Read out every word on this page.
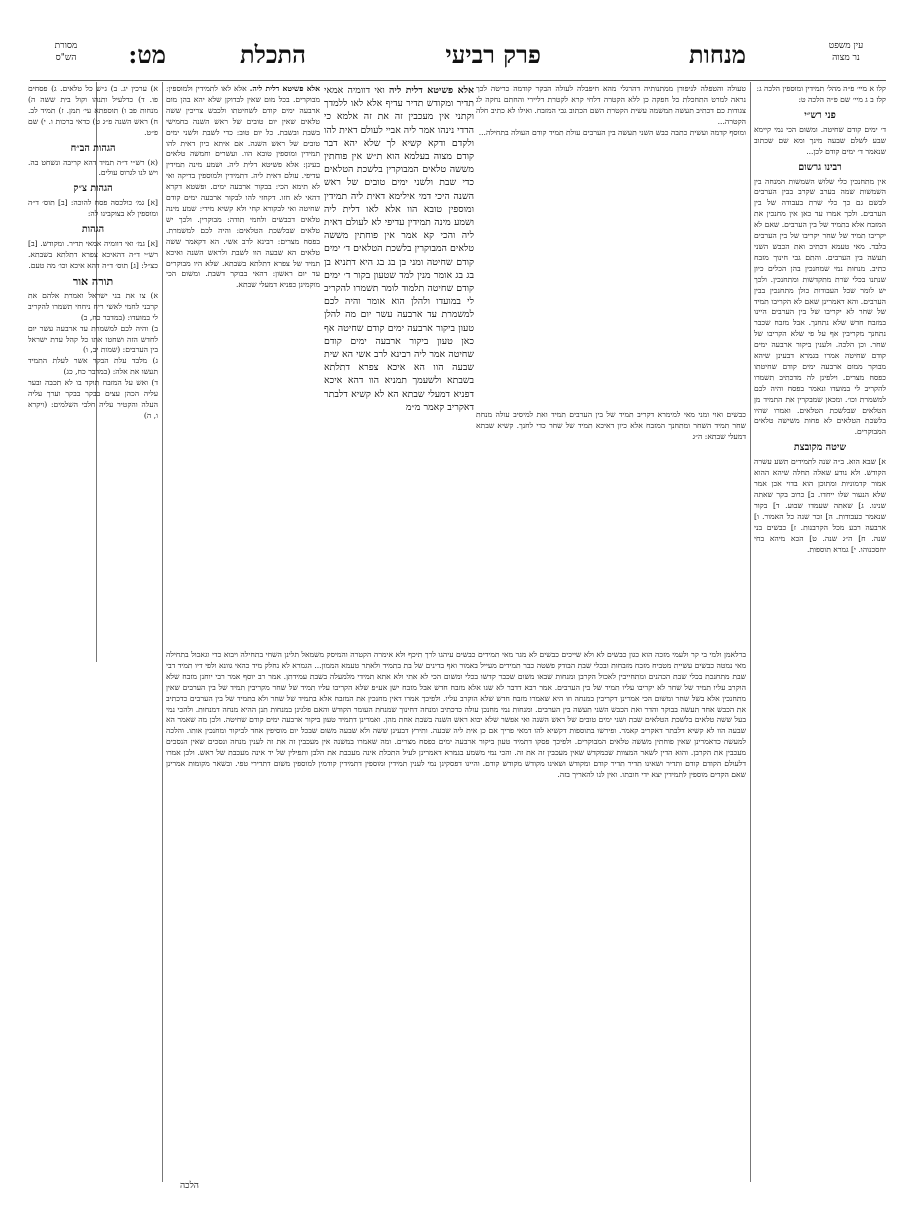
מסורת
הש"ס	מט:	התכלת	פרק רביעי	מנחות	עין משפט
נר מצוה

קלו א מיי׳ פ״ה מהל׳ תמידין ומוספין הלכה ג:
קלז ב ג מיי׳ שם פ״ה הלכה ט:

פני רש״י

ד׳ ימים קודם שחיטה. ומשום הכי נמי קיימא שבע לשלם שבעה מינך ומא שם שכתוב שנאמר ד׳ ימים קודם לכן...

רבינו גרשום

אין מתחנכין כלי שלוש השמשות המנחה בין השמשות שמה בערב שקרב בבין הערבים לבשם גם כך כלי שרת בעבודה של בין הערבים. ולכך אמרו עד כאן אין מחנכין את המזבח אלא בתמיד של בין הערבים. שאם לא יקריבו תמיד של שחר יקריבו של בין הערבים בלבד. מאי טעמא דכתיב ואת הכבש השני תעשה בין הערבים. והתם גבי חינוך מזבח כתיב. מנחות נמי שמחנכין בהן הכלים כיון שנתנו בכלי שרת מתקדשות ומתחנכין. ולכך יש לומר שכל העבודות כולן מתחנכין בבין הערבים. והא דאמרינן שאם לא הקריבו תמיד של שחר לא יקריבו של בין הערבים היינו במזבח חדש שלא נתחנך. אבל מזבח שכבר נתחנך מקריבין אף על פי שלא הקריבו של שחר. וכן הלכה. ולענין ביקור ארבעה ימים קודם שחיטה אמרו בגמרא דבעינן שיהא מבוקר ממום ארבעה ימים קודם שחיטתו כפסח מצרים. וילפינן לה מדכתיב תשמרו להקריב לי במועדו ונאמר בפסח והיה לכם למשמרת וכו׳. ומכאן שמבקרין את התמיד מן הטלאים שבלשכת הטלאים. ואמרו שהיו בלשכת הטלאים לא פחות משישה טלאים המבוקרים.

שיטה מקובצת

א] שבא הוא. ב״ה שנה לתמידים תשע עשרה הקודש. ולא נודע שאלה תחלה שיהא ההוא אמור קדמוניות ומתוכן הוא בדוי אכן אמר שלא הנעור שלו ייחדו. ב] כרוב בקר שאתה שנינו. ג] שאתה שעמדו שבוע. ד] בקור שנאמר כעבודות. ה] זכר שנה כל האמור. ו] ארבעה רבע מכל הקרבנות. ז] כבשים בני שנה. ח] ה״ג שנה. ט] הכא מיהא בחי יחסכנוהו. י] גמרא תוספות.

טעולה והטפלה לניפורן ממתנותיה דהרגלי מהא חיפבלה לעולה הבקר קודמה כריטה לכך נראה למרט התחכלת כל חפקה כן ללא הקטרה דלחי קרא לקטרת דליירי והחתם נחקה לג צגודות כם דכתיב תעשה תמשמה עשית הקטרת השם הכתוב גבי המזבח. ואילו לא כתיב חלה הקטרה...
ומוסף קדמה ועשית כתבה כבש השני תעשה בין הערבים עולת תמיד קודם העולה בתחילה...

אלא פשיטא דלית ליה ואי דוומיה אמאי תדיר ומקודש תדיר עדיף אלא לאו ללמדך וקתני אין מעכבין זה את זה אלמא כי הדדי נינהו אמר ליה אביי לעולם דאית להו ולקדם ודקא קשיא לך שלא יהא דבר קודם מצוה בעלמא הוא ת״ש אין פוחתין מששה טלאים המבוקרין בלשכת הטלאים כדי שבת ולשני ימים טובים של ראש השנה היכי דמי אילימא דאית ליה תמידין ומוספין טובא הוו אלא לאו דלית ליה ושמע מינה תמידין עדיפי לא לעולם דאית ליה והכי קא אמר אין פוחתין מששה טלאים המבוקרין בלשכת הטלאים ד׳ ימים קודם שחיטה ומני בן בג בג היא דתניא בן בג בג אומר מנין למד שטעון בקור ד׳ ימים קודם שחיטה תלמוד לומר תשמרו להקריב לי במועדו ולהלן הוא אומר והיה לכם למשמרת עד ארבעה עשר יום מה להלן טעון ביקור ארבעה ימים קודם שחיטה אף כאן טעון ביקור ארבעה ימים קודם שחיטה אמר ליה רבינא לרב אשי הא שית שבעה הוו הא איכא צפרא דתלתא בשבתא ולשעמך תמניא הוו דהא איכא דפניא דמעלי שבתא הא לא קשיא דלבתר דאקריב קאמר מ״מ

אלא פשיטא דלית ליה. אלא לאו לתמידין ולמוספין: מבוקרים. בכל מום שאין לבדוקן שלא יהא בהן מום ארבעה ימים קודם לשחיטתו ולכבש צריכין ששה טלאים שאין יום טובים של ראש השנה בחמישי בשבת ובשבת. כל יום טוב: כדי לשבת ולשני ימים טובים של ראש השנה. אם איתא כיון דאית להו תמידין ומוספין טובא הוו. ועשרים וחמשה טלאים בעינן: אלא פשיטא דלית ליה. ושמע מינה תמידין עדיפי. עולם דאית ליה. דתמידין ולמוספין בדיקה ואי לא תימא הכי: בבקור ארבעה ימים. ופשטא דקרא דהאי לא חזו. דקחזי להו לבקור ארבעה ימים קודם שחיטה ואי לבקורא קחי ולא קשיא מידי: שמע מינה טלאים דכבשים ולחמי תודה: מבוקרין. ולכך יש טלאים שבלשכת הטלאים: והיה לכם למשמרת. בפסח מצרים: רבינא לרב אשי. הא דקאמר ששה טלאים הא שבעה הוו לשבת ולראש השנה ואיכא תמיד של צפרא דתלתא בשבתא. שלא היו מבוקרים עד יום ראשון: דהאי בבוקר דשבת. ומשום הכי מוקמינן כפניא דמעלי שבתא.

כבשים ואוי ומני מאי למימרא דקריב תמיד של בין הערבים תמיד ואת למיסיב עולה מנחת שחר תמיד השחר ומתחנך המזבח אלא כיון דאיכא תמיד של שחר כדי לחנך. קשיא שבתא דמעלי שבתא: ה״ג

ברלאמן ולמי בי קר ולעמי מזכה הוא כגון כבשים לא ולא שייכים כבשים לא מגר מאי תמידים כבשים עיהגו לרך תיכף ולא אימרה הקטרה והמיסק משמאל תלינן השחי בתחילה ויבוא כדי וגאכול בתחילה מאי נמטה כבשים עשיית מטביח מזבח מזבחות ובכלי שבת הבודק פשטה כבר תמידים מעייל באמור ואף בדינים של בת בתמיד ולאתר טעמא הממון... הגמרא לא נחלק מיד כהאי גוונא ולפי דיו תמיד דבי שבת מתחנכת בכלי שבת הכהנים ומתחייבין לאכול הקרבן ומנחות שבאו משום שכבר קדשו בכלי ומשום הכי לא אתי ולא אתא תמידי מלמעלה בשבת עמידתן. אמר רב יוסף אמר רבי יוחנן מזבח שלא הוקרב עליו תמיד של שחר לא יקריבו עליו תמיד של בין הערבים. אמר רבא דדבר לא שנו אלא מזבח חדש אבל מזבח ישן אע״פ שלא הקריבו עליו תמיד של שחר מקריבין תמיד של בין הערבים שאין מתחנכין אלא בשל שחר ומשום הכי אמרינן דקריבין במנחה וזו היא שאמרו מזבח חדש שלא הוקרב עליו. ולפיכך אמרו דאין מחנכין את המזבח אלא בתמיד של שחר ולא בתמיד של בין הערבים כדכתיב את הכבש אחד תעשה בבוקר והדר ואת הכבש השני תעשה בין הערבים. ומנחות נמי מחנכן עולה כדכתיב ומנחה דחינוך שמנחת העומר הקודש והאם פלגינן במנחות תנן ההיא מנחה דמנחות. ולהכי נמי בעל ששה טלאים בלשכת הטלאים שבת ושני ימים טובים של ראש השנה ואי אפשר שלא יבוא ראש השנה בשבת אחת מהן. ואמרינן דתמיד טעון ביקור ארבעה ימים קודם שחיטה. ולכן מה שאמר הא שבעה הוו לא קשיא דלבתר דאקריב קאמר. ופירשו בתוספות דקשיא להו דמאי פריך אם כן אית ליה שבעה. ותירץ דבעינן ששה ולא שבעה משום שבכל יום מוסיפין אחד לביקור ומחנכין אותו. והלכה למעשה כדאמרינן שאין פוחתין מששה טלאים המבוקרים. ולפיכך פסקו דתמיד טעון ביקור ארבעה ימים כפסח מצרים. ומה שאמרו במשנה אין מעכבין זה את זה לענין מנחה ונסכים שאין הנסכים מעכבין את הקרבן. והוא הדין לשאר המצוות שבמקדש שאין מעכבין זה את זה. והכי נמי משמע בגמרא דאמרינן לעיל התכלת אינה מעכבת את הלבן ותפילין של יד אינה מעכבת של ראש. ולכן אמרו דלעולם הקודם קודם ותדיר ושאינו תדיר תדיר קודם ומקודש ושאינו מקודש מקודש קודם. והיינו דפסקינן נמי לענין תמידין ומוספין דתמידין קודמין למוספין משום דתדירי טפי. ובשאר מקומות אמרינן שאם הקדים מוספין לתמידין יצא ידי חובתו. ואין לנו להאריך בזה.

הלכה

א) ערכין יג. ב) ג״ש כל טלאים. ג) פסחים פו. ד) כדלעיל ותנהו וקול בית ששה ה) מנחות פב ו) תוספתא עי׳ תמן. ז) תמיד לב. ח) ראש השנה פ״ג ט) כדאי ברכות ו. י) שם פ״ט.

הגהות הב״ח

(א) רש״י ד״ה תמיד דהא קריבה ונשחט בה. ויש לנו לגרוס עולים.

הגהות צ״ק

[א] גמ׳ כולכסה פסח להוכה: [ב] תוס׳ ד״ה ומוספין לא בצוקבינו לה:

הגהות

[א] גמ׳ ואי דוומיה אמאי תדיר. ומקודש. [ב] רש״י ד״ה דהאיכא צפרא דתלתא בשבתא. כצ״ל: [ג] תוס׳ ד״ה דהא איכא וכו׳ מה טעם.

תורה אור

א) צו את בני ישראל ואמרת אלהם את קרבני לחמי לאשי ריח ניחחי תשמרו להקריב לי במועדו: (במדבר כח, ב)
ב) והיה לכם למשמרת עד ארבעה עשר יום לחדש הזה ושחטו אתו כל קהל עדת ישראל בין הערבים: (שמות יב, ו)
ג) מלבד עלת הבקר אשר לעלת התמיד תעשו את אלה: (במדבר כח, כג)
ד) ואש על המזבח תוקד בו לא תכבה ובער עליה הכהן עצים בבקר בבקר וערך עליה העלה והקטיר עליה חלבי השלמים: (ויקרא ו, ה)
